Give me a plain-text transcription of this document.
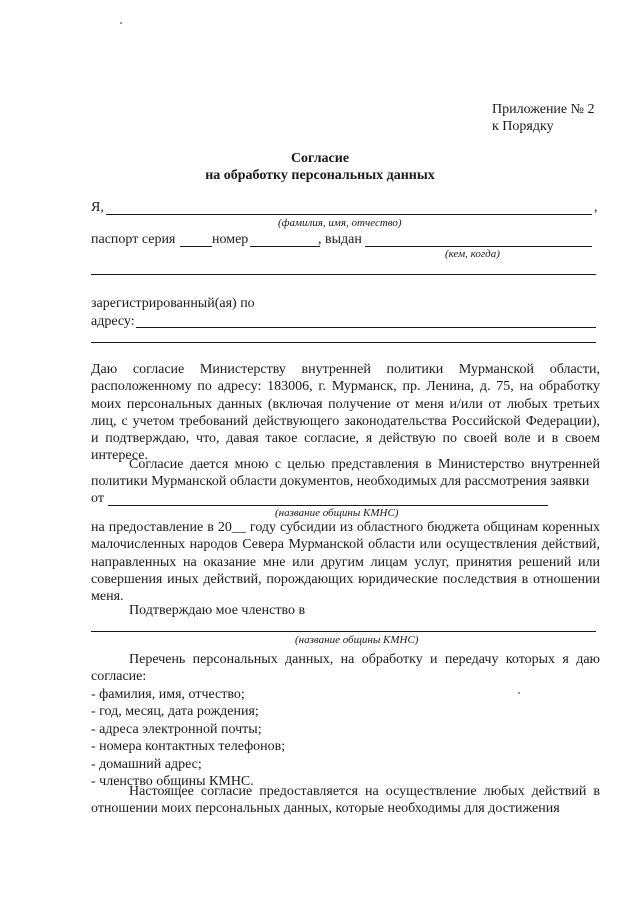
Приложение № 2
к Порядку
Согласие
на обработку персональных данных
Я,	,
(фамилия, имя, отчество)
паспорт серия	номер	, выдан
(кем, когда)
зарегистрированный(ая) по
адресу:
Даю согласие Министерству внутренней политики Мурманской области, расположенному по адресу: 183006, г. Мурманск, пр. Ленина, д. 75, на обработку моих персональных данных (включая получение от меня и/или от любых третьих лиц, с учетом требований действующего законодательства Российской Федерации), и подтверждаю, что, давая такое согласие, я действую по своей воле и в своем интересе.
Согласие дается мною с целью представления в Министерство внутренней политики Мурманской области документов, необходимых для рассмотрения заявки
от
(название общины КМНС)
на предоставление в 20__ году субсидии из областного бюджета общинам коренных малочисленных народов Севера Мурманской области или осуществления действий, направленных на оказание мне или другим лицам услуг, принятия решений или совершения иных действий, порождающих юридические последствия в отношении меня.
Подтверждаю мое членство в
(название общины КМНС)
Перечень персональных данных, на обработку и передачу которых я даю согласие:
- фамилия, имя, отчество;
- год, месяц, дата рождения;
- адреса электронной почты;
- номера контактных телефонов;
- домашний адрес;
- членство общины КМНС.
Настоящее согласие предоставляется на осуществление любых действий в отношении моих персональных данных, которые необходимы для достижения
